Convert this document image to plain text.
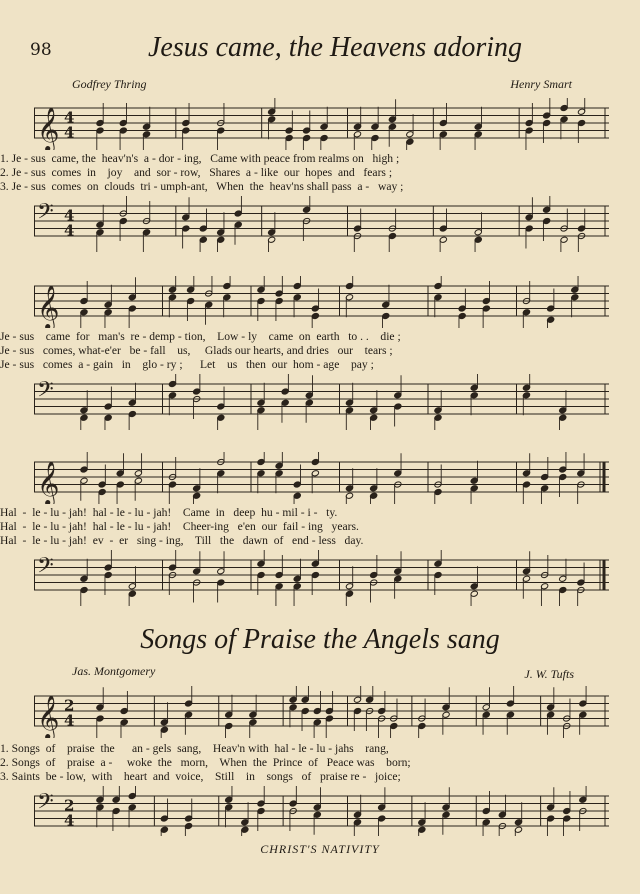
98	Jesus came, the Heavens adoring
Godfrey Thring	Henry Smart
𝄞 4
4
1. Je - sus  came, the  heav'n's  a - dor - ing,   Came with peace from realms on   high ;
2. Je - sus  comes  in    joy    and  sor - row,   Shares  a - like  our  hopes  and   fears ;
3. Je - sus  comes  on  clouds  tri - umph-ant,   When  the  heav'ns shall pass  a -   way ;
𝄢 4
4
𝄞
Je - sus    came  for   man's  re - demp - tion,    Low - ly    came  on  earth   to . .    die ;
Je - sus   comes, what-e'er   be - fall    us,     Glads our hearts, and dries   our    tears ;
Je - sus   comes  a - gain   in    glo - ry ;      Let    us   then  our  hom - age    pay ;
𝄢
𝄞
Hal  -  le - lu - jah!  hal - le - lu - jah!    Came  in   deep  hu - mil - i -   ty.
Hal  -  le - lu - jah!  hal - le - lu - jah!    Cheer-ing   e'en  our  fail - ing   years.
Hal  -  le - lu - jah!  ev  -  er   sing - ing,    Till   the   dawn  of   end - less   day.
𝄢
Songs of Praise the Angels sang
Jas. Montgomery	J. W. Tufts
𝄞 2
4
1. Songs  of    praise  the      an - gels  sang,    Heav'n with  hal - le - lu - jahs    rang,
2. Songs  of    praise  a -     woke  the   morn,    When  the  Prince  of   Peace was    born;
3. Saints  be - low,  with    heart  and  voice,    Still    in    songs   of   praise re -   joice;
𝄢 2
4
CHRIST'S NATIVITY
